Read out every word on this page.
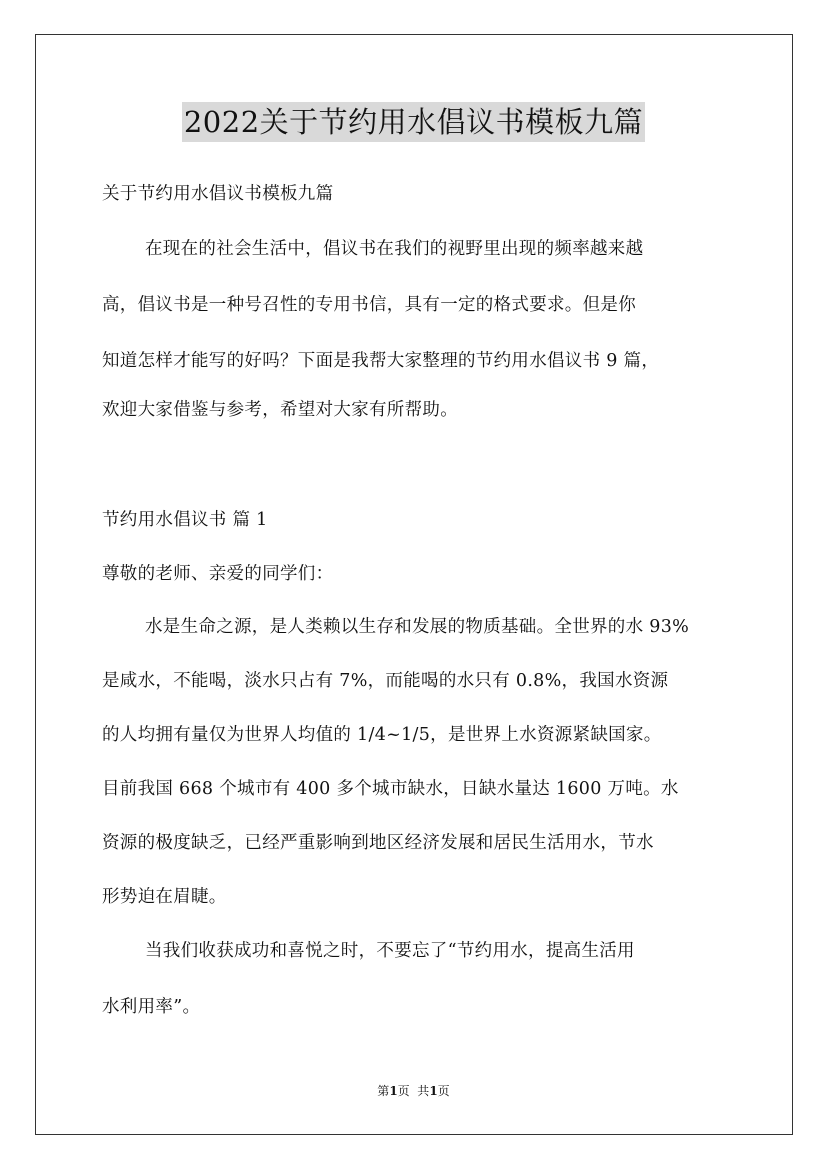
2022关于节约用水倡议书模板九篇
关于节约用水倡议书模板九篇
在现在的社会生活中，倡议书在我们的视野里出现的频率越来越
高，倡议书是一种号召性的专用书信，具有一定的格式要求。但是你
知道怎样才能写的好吗？下面是我帮大家整理的节约用水倡议书 9 篇，
欢迎大家借鉴与参考，希望对大家有所帮助。
节约用水倡议书 篇 1
尊敬的老师、亲爱的同学们：
水是生命之源，是人类赖以生存和发展的物质基础。全世界的水 93%
是咸水，不能喝，淡水只占有 7%，而能喝的水只有 0.8%，我国水资源
的人均拥有量仅为世界人均值的 1/4~1/5，是世界上水资源紧缺国家。
目前我国 668 个城市有 400 多个城市缺水，日缺水量达 1600 万吨。水
资源的极度缺乏，已经严重影响到地区经济发展和居民生活用水，节水
形势迫在眉睫。
当我们收获成功和喜悦之时，不要忘了“节约用水，提高生活用
水利用率”。
第1页  共1页
